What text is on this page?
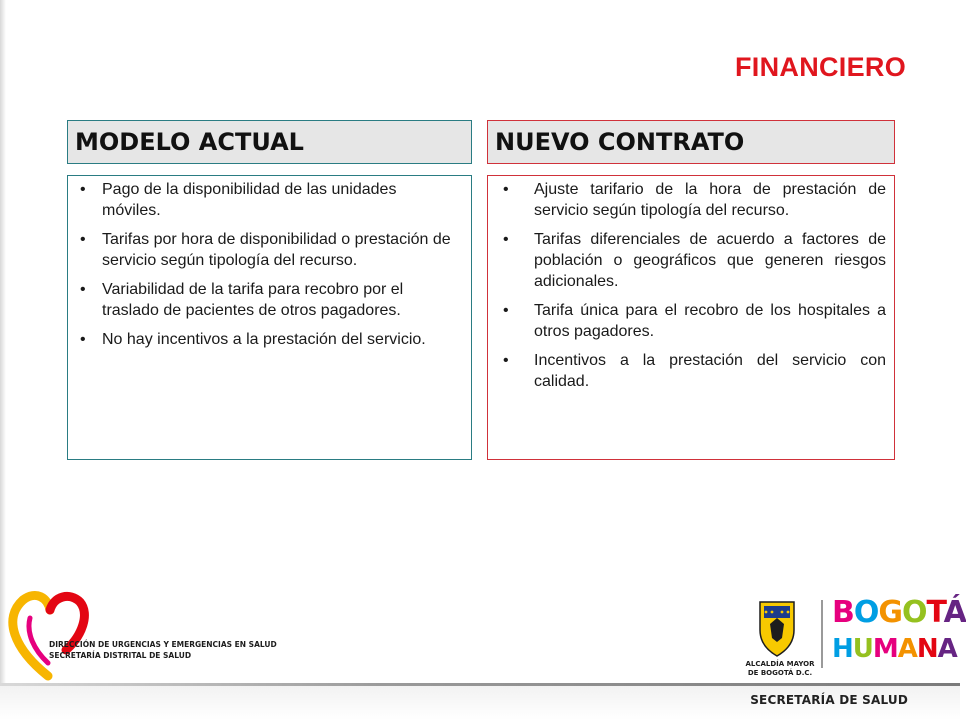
FINANCIERO
MODELO ACTUAL	NUEVO CONTRATO
• Pago de la disponibilidad de las unidades móviles.
• Tarifas por hora de disponibilidad o prestación de servicio según tipología del recurso.
• Variabilidad de la tarifa para recobro por el traslado de pacientes de otros pagadores.
• No hay incentivos a la prestación del servicio.
• Ajuste tarifario de la hora de prestación de servicio según tipología del recurso.
• Tarifas diferenciales de acuerdo a factores de población o geográficos que generen riesgos adicionales.
• Tarifa única para el recobro de los hospitales a otros pagadores.
• Incentivos a la prestación del servicio con calidad.
DIRECCIÓN DE URGENCIAS Y EMERGENCIAS EN SALUD
SECRETARÍA DISTRITAL DE SALUD
ALCALDÍA MAYOR
DE BOGOTÁ D.C.
BOGOTÁ
HUMANA
SECRETARÍA DE SALUD
